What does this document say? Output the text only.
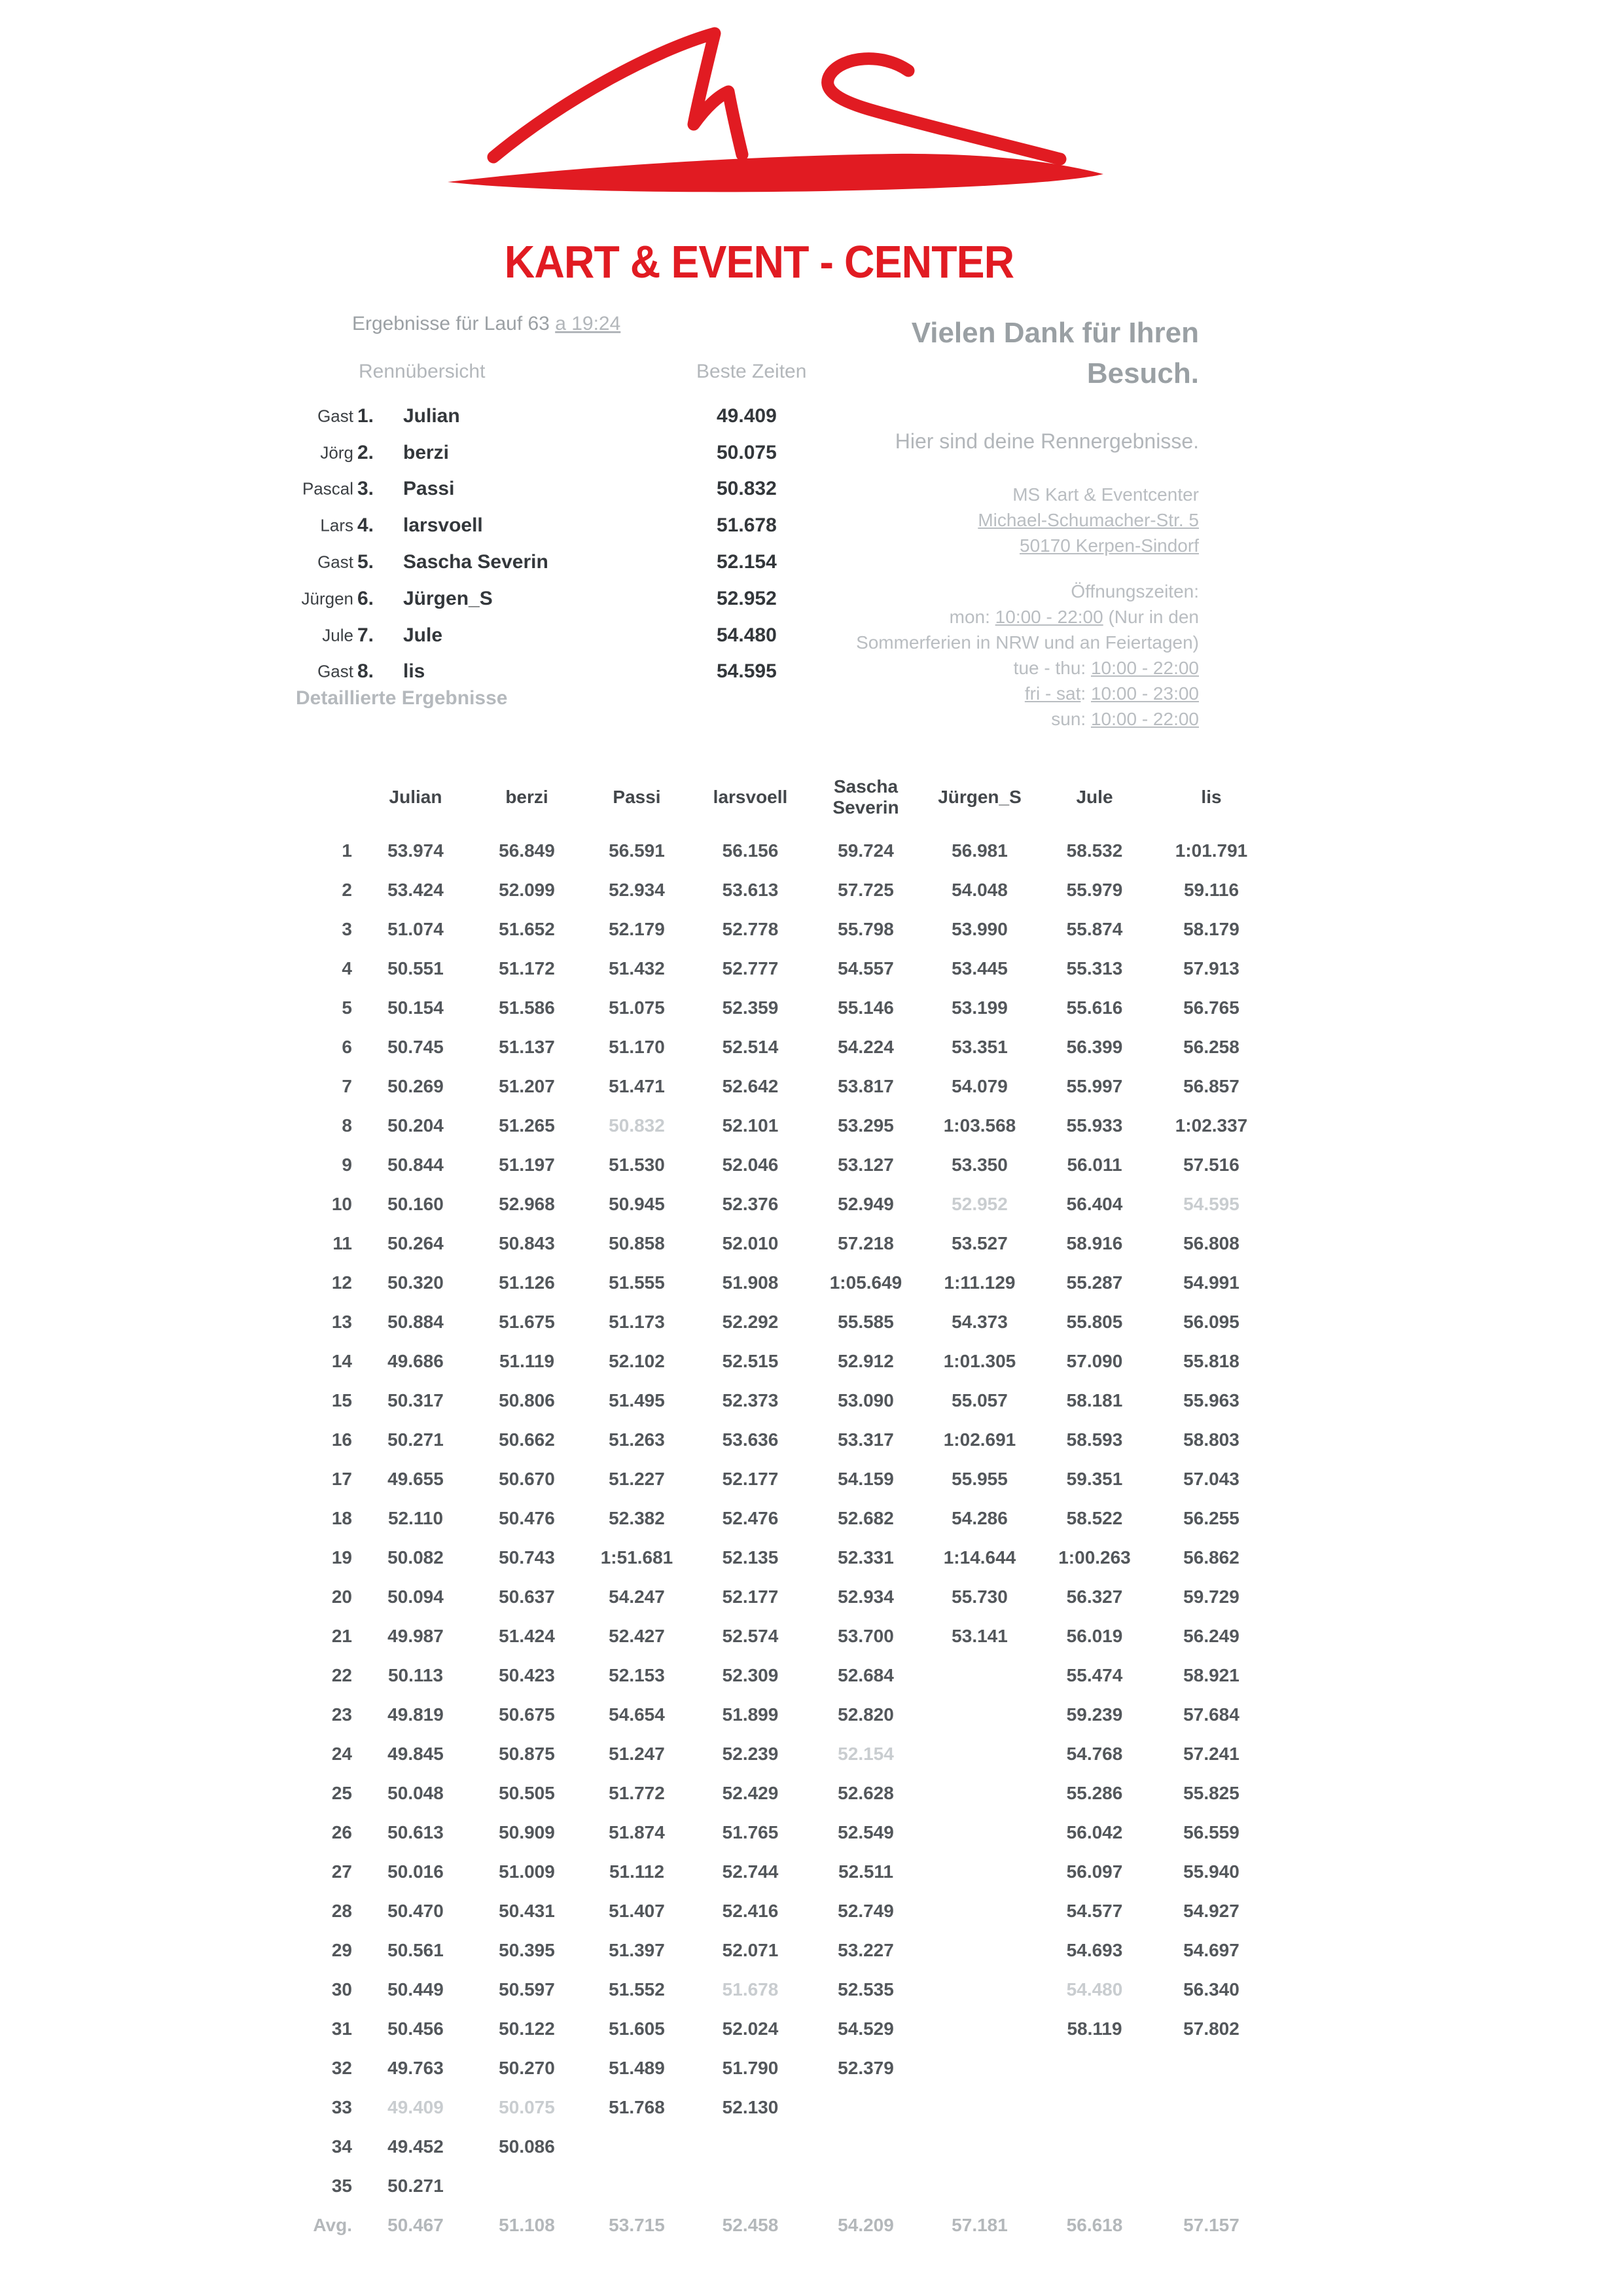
KART & EVENT - CENTER
Ergebnisse für Lauf 63 a 19:24
Rennübersicht	Beste Zeiten
Gast 1. Julian	49.409
Jörg 2. berzi	50.075
Pascal 3. Passi	50.832
Lars 4. larsvoell	51.678
Gast 5. Sascha Severin	52.154
Jürgen 6. Jürgen_S	52.952
Jule 7. Jule	54.480
Gast 8. lis	54.595
Detaillierte Ergebnisse
Vielen Dank für Ihren
Besuch.
Hier sind deine Rennergebnisse.
MS Kart & Eventcenter
Michael-Schumacher-Str. 5
50170 Kerpen-Sindorf
Öffnungszeiten:
mon: 10:00 - 22:00 (Nur in den
Sommerferien in NRW und an Feiertagen)
tue - thu: 10:00 - 22:00
fri - sat: 10:00 - 23:00
sun: 10:00 - 22:00
	Julian	berzi	Passi	larsvoell	Sascha Severin	Jürgen_S	Jule	lis
1	53.974	56.849	56.591	56.156	59.724	56.981	58.532	1:01.791
2	53.424	52.099	52.934	53.613	57.725	54.048	55.979	59.116
3	51.074	51.652	52.179	52.778	55.798	53.990	55.874	58.179
4	50.551	51.172	51.432	52.777	54.557	53.445	55.313	57.913
5	50.154	51.586	51.075	52.359	55.146	53.199	55.616	56.765
6	50.745	51.137	51.170	52.514	54.224	53.351	56.399	56.258
7	50.269	51.207	51.471	52.642	53.817	54.079	55.997	56.857
8	50.204	51.265	50.832	52.101	53.295	1:03.568	55.933	1:02.337
9	50.844	51.197	51.530	52.046	53.127	53.350	56.011	57.516
10	50.160	52.968	50.945	52.376	52.949	52.952	56.404	54.595
11	50.264	50.843	50.858	52.010	57.218	53.527	58.916	56.808
12	50.320	51.126	51.555	51.908	1:05.649	1:11.129	55.287	54.991
13	50.884	51.675	51.173	52.292	55.585	54.373	55.805	56.095
14	49.686	51.119	52.102	52.515	52.912	1:01.305	57.090	55.818
15	50.317	50.806	51.495	52.373	53.090	55.057	58.181	55.963
16	50.271	50.662	51.263	53.636	53.317	1:02.691	58.593	58.803
17	49.655	50.670	51.227	52.177	54.159	55.955	59.351	57.043
18	52.110	50.476	52.382	52.476	52.682	54.286	58.522	56.255
19	50.082	50.743	1:51.681	52.135	52.331	1:14.644	1:00.263	56.862
20	50.094	50.637	54.247	52.177	52.934	55.730	56.327	59.729
21	49.987	51.424	52.427	52.574	53.700	53.141	56.019	56.249
22	50.113	50.423	52.153	52.309	52.684		55.474	58.921
23	49.819	50.675	54.654	51.899	52.820		59.239	57.684
24	49.845	50.875	51.247	52.239	52.154		54.768	57.241
25	50.048	50.505	51.772	52.429	52.628		55.286	55.825
26	50.613	50.909	51.874	51.765	52.549		56.042	56.559
27	50.016	51.009	51.112	52.744	52.511		56.097	55.940
28	50.470	50.431	51.407	52.416	52.749		54.577	54.927
29	50.561	50.395	51.397	52.071	53.227		54.693	54.697
30	50.449	50.597	51.552	51.678	52.535		54.480	56.340
31	50.456	50.122	51.605	52.024	54.529		58.119	57.802
32	49.763	50.270	51.489	51.790	52.379			
33	49.409	50.075	51.768	52.130				
34	49.452	50.086						
35	50.271							
Avg.	50.467	51.108	53.715	52.458	54.209	57.181	56.618	57.157
